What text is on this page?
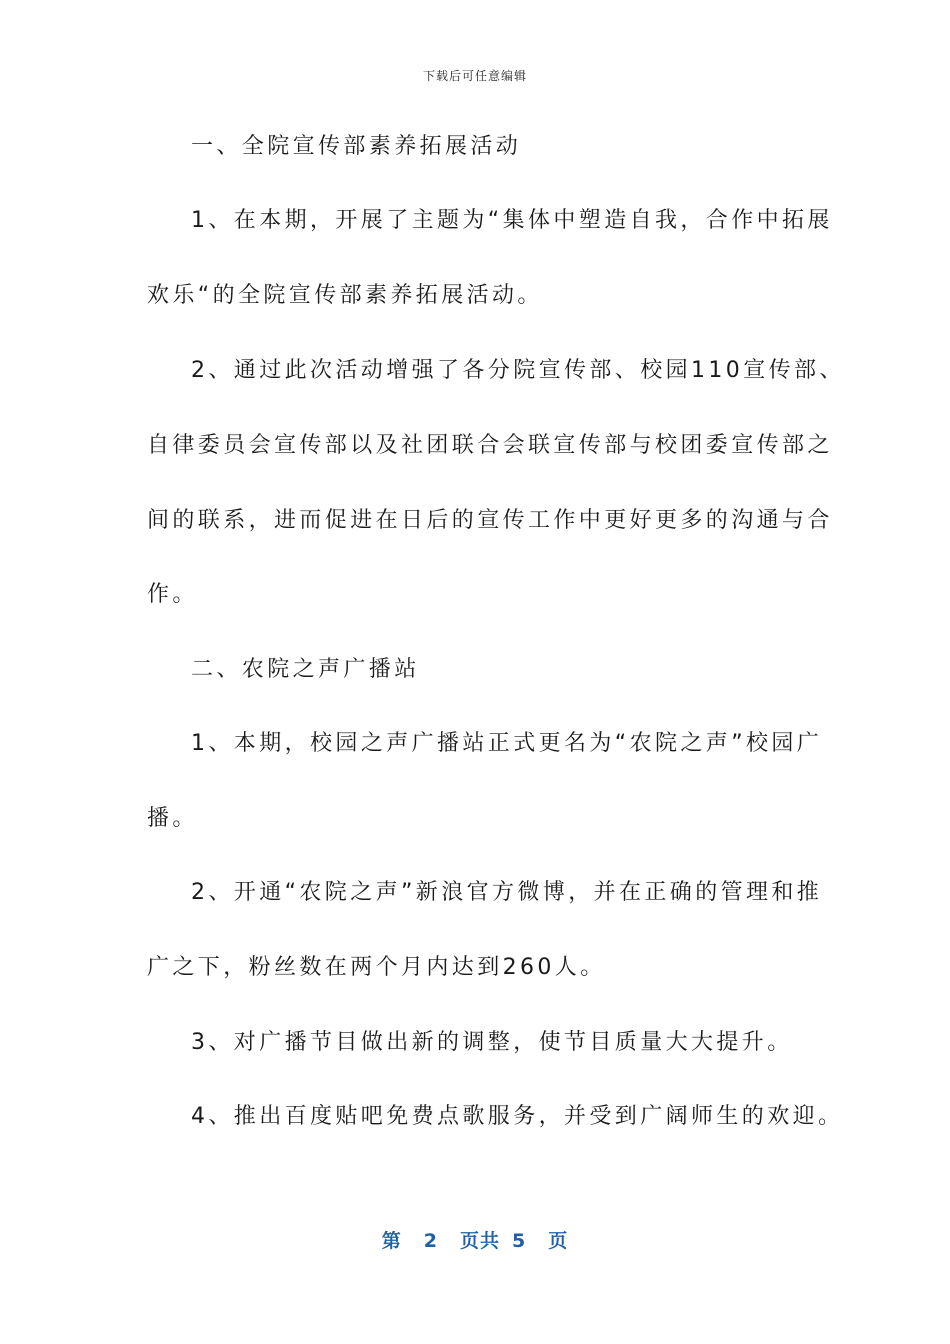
下载后可任意编辑
一、全院宣传部素养拓展活动
1、在本期，开展了主题为“集体中塑造自我，合作中拓展
欢乐“的全院宣传部素养拓展活动。
2、通过此次活动增强了各分院宣传部、校园110宣传部、
自律委员会宣传部以及社团联合会联宣传部与校团委宣传部之
间的联系，进而促进在日后的宣传工作中更好更多的沟通与合
作。
二、农院之声广播站
1、本期，校园之声广播站正式更名为“农院之声”校园广
播。
2、开通“农院之声”新浪官方微博，并在正确的管理和推
广之下，粉丝数在两个月内达到260人。
3、对广播节目做出新的调整，使节目质量大大提升。
4、推出百度贴吧免费点歌服务，并受到广阔师生的欢迎。
第 2 页共 5 页
